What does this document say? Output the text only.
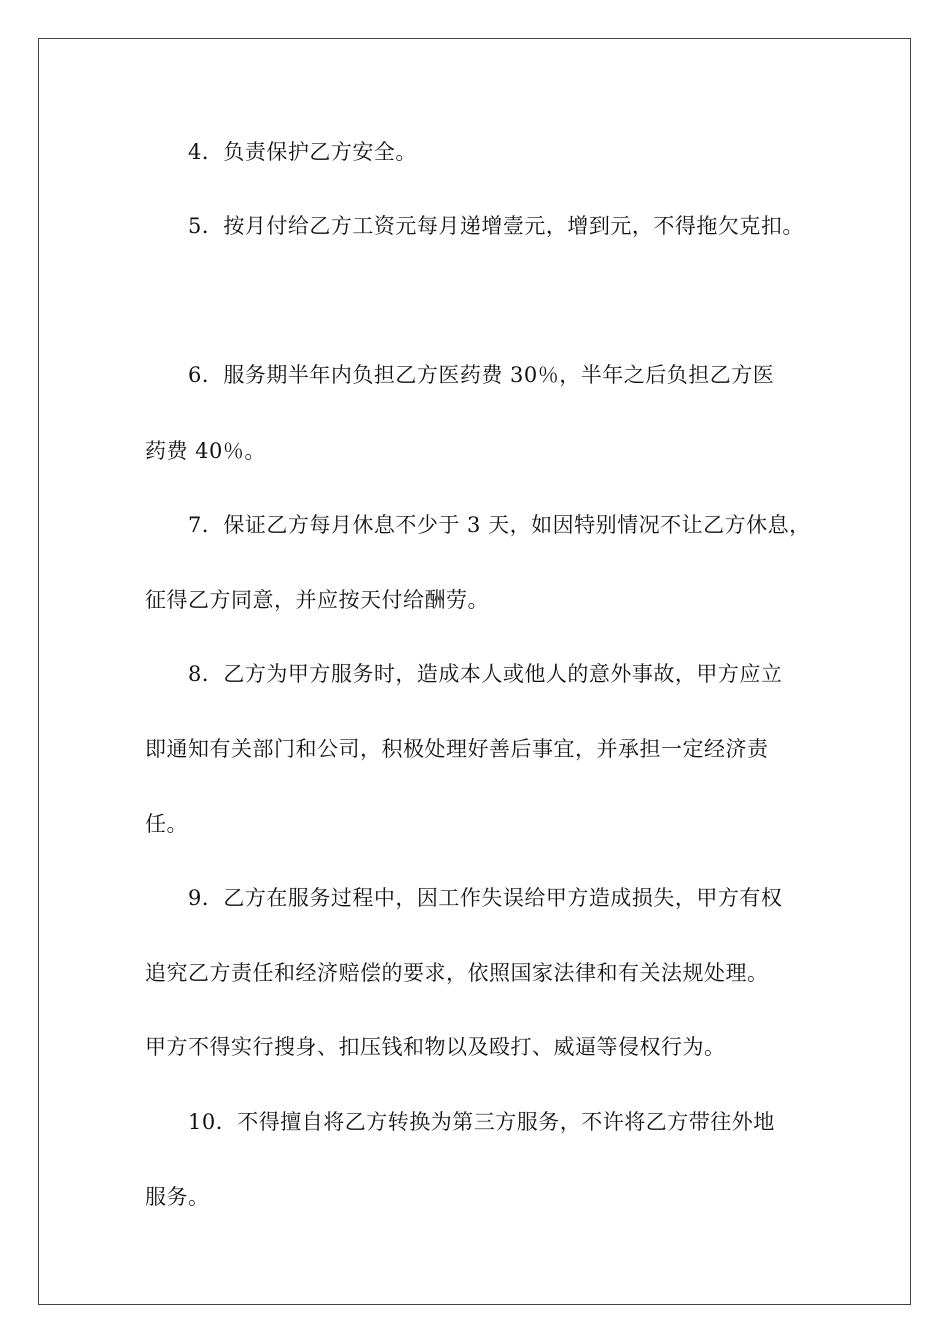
4．负责保护乙方安全。
5．按月付给乙方工资元每月递增壹元，增到元，不得拖欠克扣。
6．服务期半年内负担乙方医药费 30％，半年之后负担乙方医
药费 40％。
7．保证乙方每月休息不少于 3 天，如因特别情况不让乙方休息，
征得乙方同意，并应按天付给酬劳。
8．乙方为甲方服务时，造成本人或他人的意外事故，甲方应立
即通知有关部门和公司，积极处理好善后事宜，并承担一定经济责
任。
9．乙方在服务过程中，因工作失误给甲方造成损失，甲方有权
追究乙方责任和经济赔偿的要求，依照国家法律和有关法规处理。
甲方不得实行搜身、扣压钱和物以及殴打、威逼等侵权行为。
10．不得擅自将乙方转换为第三方服务，不许将乙方带往外地
服务。
